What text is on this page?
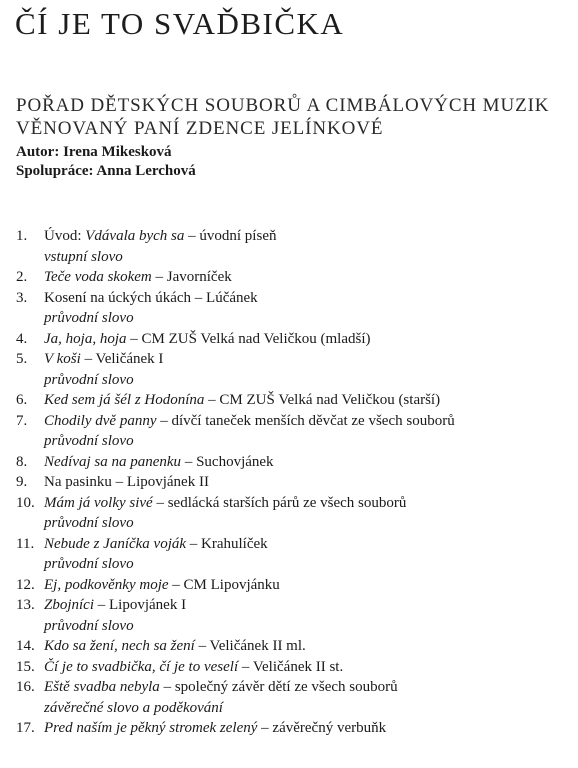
ČÍ JE TO SVAĎBIČKA
POŘAD DĚTSKÝCH SOUBORŮ A CIMBÁLOVÝCH MUZIK
VĚNOVANÝ PANÍ ZDENCE JELÍNKOVÉ
Autor: Irena Mikesková
Spolupráce: Anna Lerchová
1. Úvod: Vdávala bych sa – úvodní píseň
vstupní slovo
2. Teče voda skokem – Javorníček
3. Kosení na úckých úkách – Lúčánek
průvodní slovo
4. Ja, hoja, hoja – CM ZUŠ Velká nad Veličkou (mladší)
5. V koši – Veličánek I
průvodní slovo
6. Ked sem já šél z Hodonína – CM ZUŠ Velká nad Veličkou (starší)
7. Chodily dvě panny – dívčí taneček menších děvčat ze všech souborů
průvodní slovo
8. Nedívaj sa na panenku – Suchovjánek
9. Na pasinku – Lipovjánek II
10. Mám já volky sivé – sedlácká starších párů ze všech souborů
průvodní slovo
11. Nebude z Janíčka voják – Krahulíček
průvodní slovo
12. Ej, podkověnky moje – CM Lipovjánku
13. Zbojníci – Lipovjánek I
průvodní slovo
14. Kdo sa žení, nech sa žení – Veličánek II ml.
15. Čí je to svadbička, čí je to veselí – Veličánek II st.
16. Eště svadba nebyla – společný závěr dětí ze všech souborů
závěrečné slovo a poděkování
17. Pred naším je pěkný stromek zelený – závěrečný verbuňk
